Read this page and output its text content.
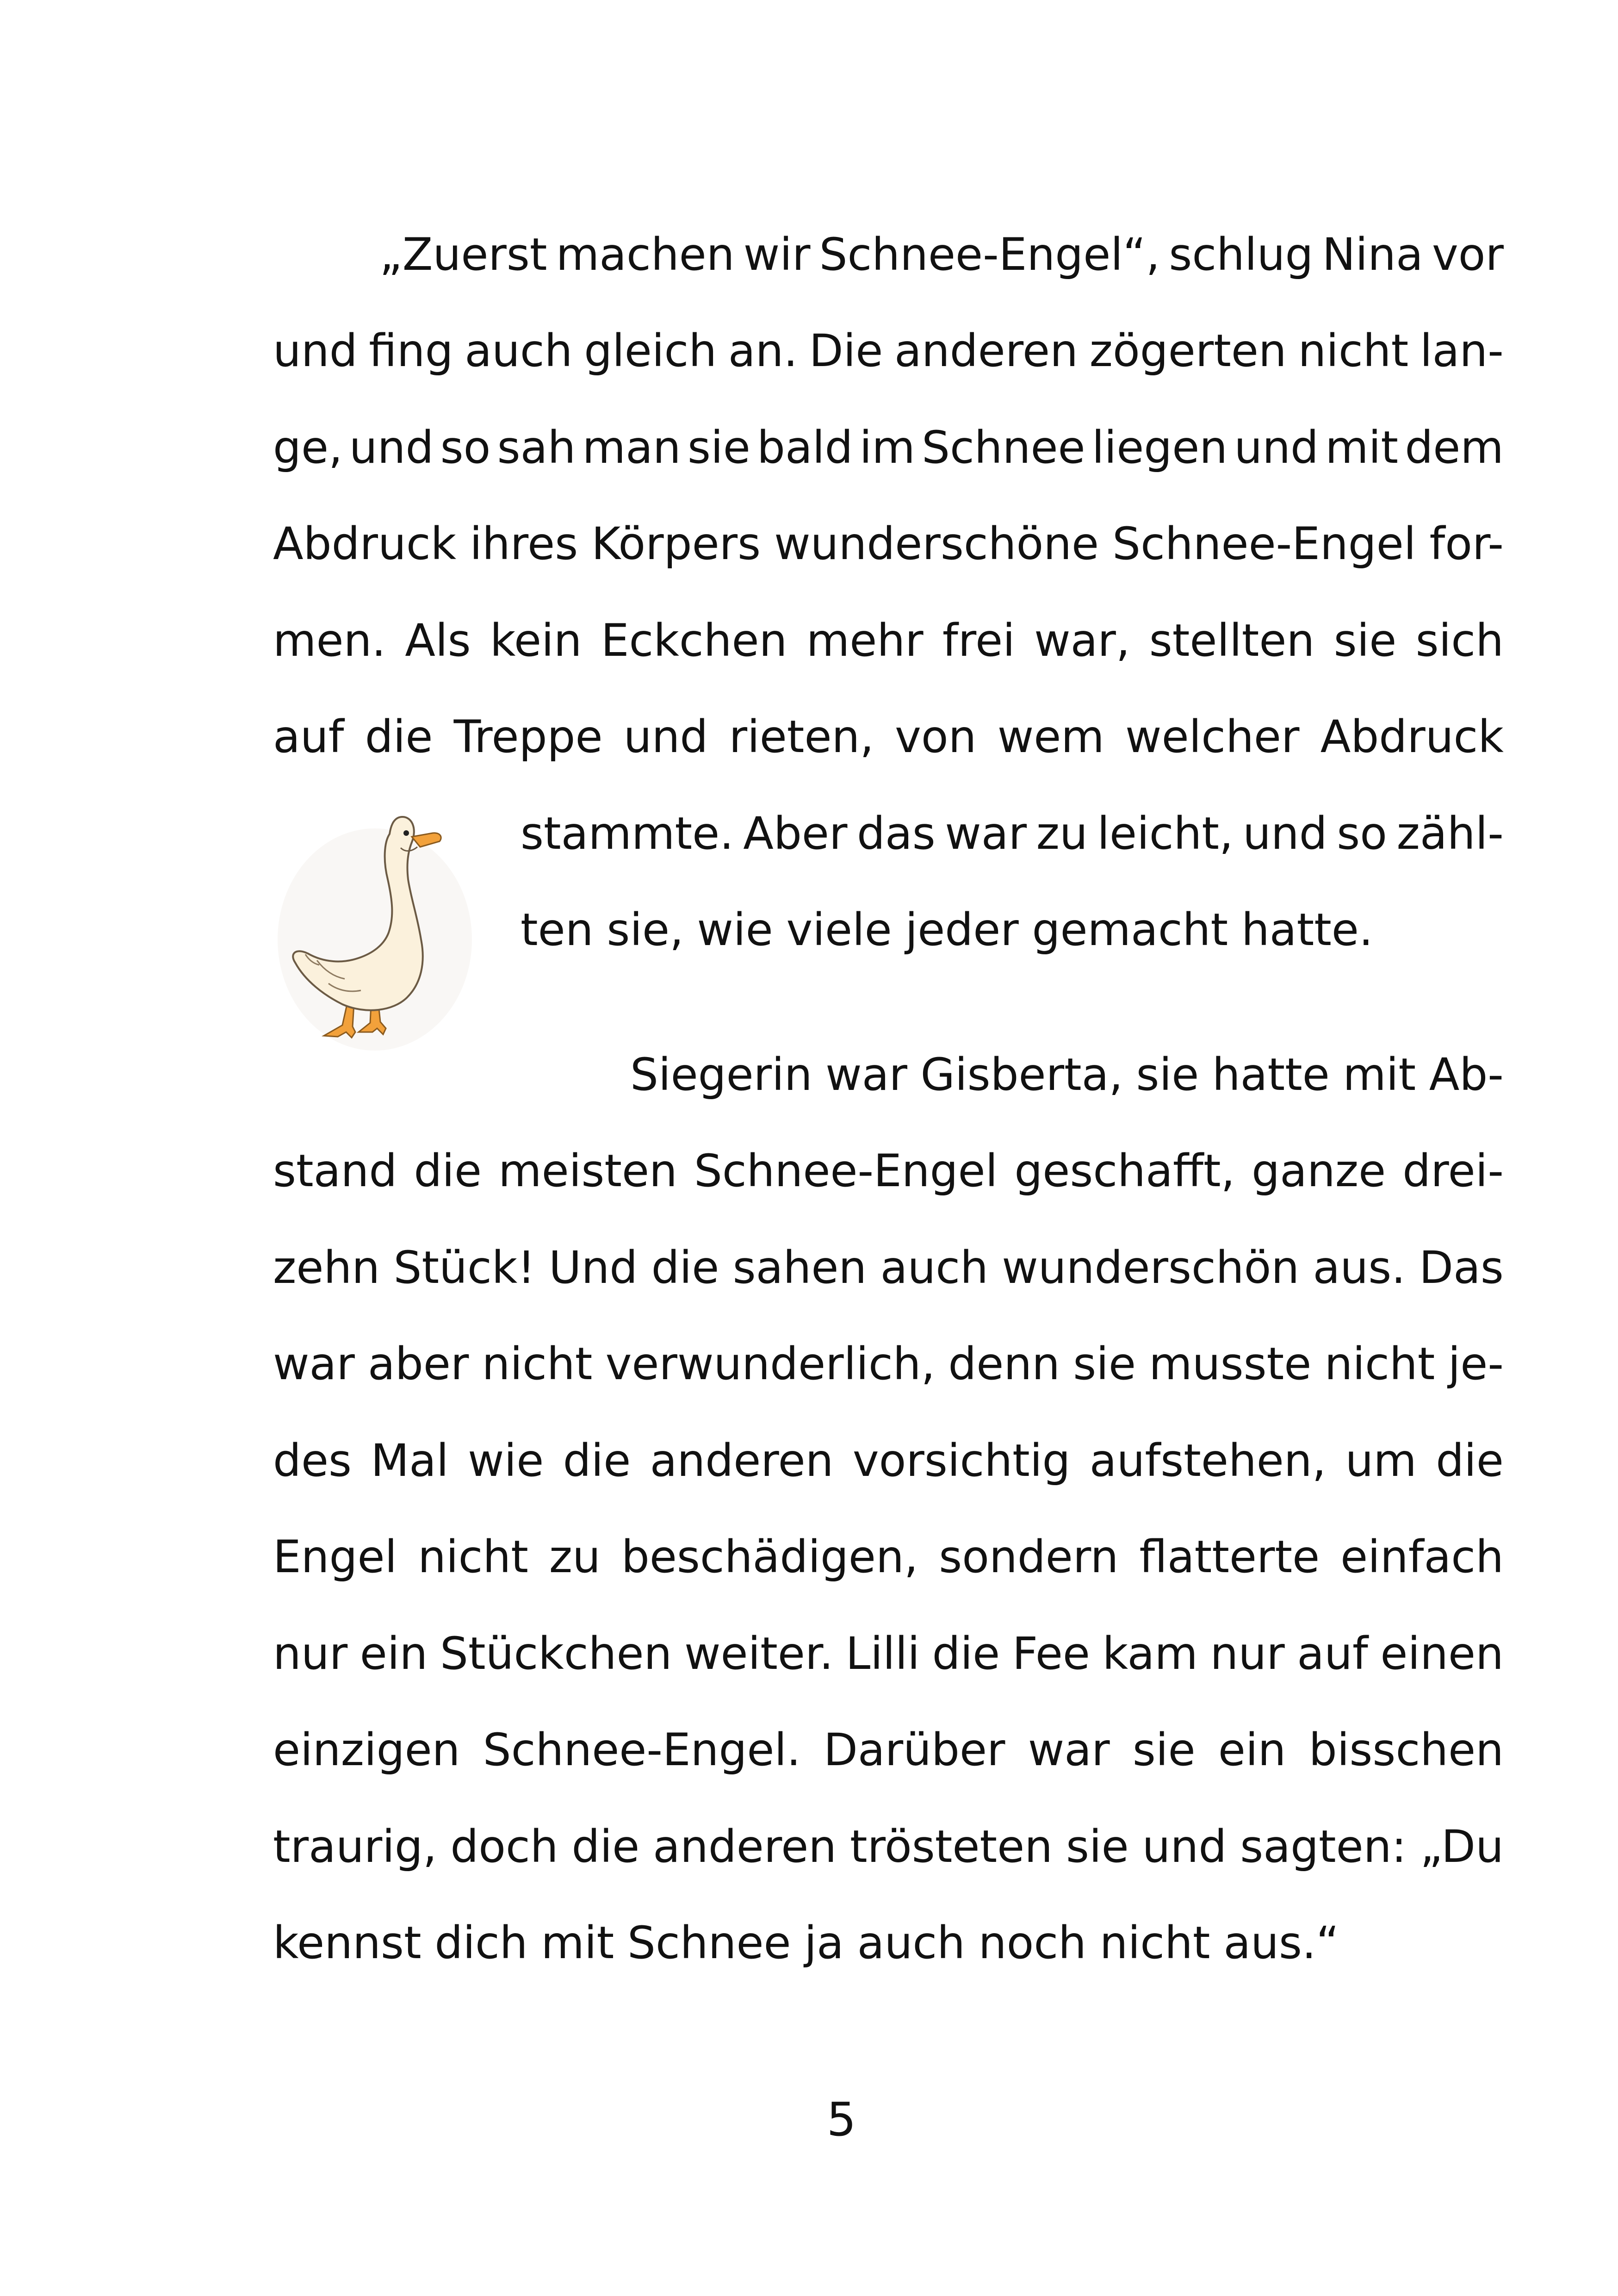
„Zuerst machen wir Schnee-Engel“, schlug Nina vor
und fing auch gleich an. Die anderen zögerten nicht lan-
ge, und so sah man sie bald im Schnee liegen und mit dem
Abdruck ihres Körpers wunderschöne Schnee-Engel for-
men. Als kein Eckchen mehr frei war, stellten sie sich
auf die Treppe und rieten, von wem welcher Abdruck
stammte. Aber das war zu leicht, und so zähl-
ten sie, wie viele jeder gemacht hatte.
Siegerin war Gisberta, sie hatte mit Ab-
stand die meisten Schnee-Engel geschafft, ganze drei-
zehn Stück! Und die sahen auch wunderschön aus. Das
war aber nicht verwunderlich, denn sie musste nicht je-
des Mal wie die anderen vorsichtig aufstehen, um die
Engel nicht zu beschädigen, sondern flatterte einfach
nur ein Stückchen weiter. Lilli die Fee kam nur auf einen
einzigen Schnee-Engel. Darüber war sie ein bisschen
traurig, doch die anderen trösteten sie und sagten: „Du
kennst dich mit Schnee ja auch noch nicht aus.“
5
